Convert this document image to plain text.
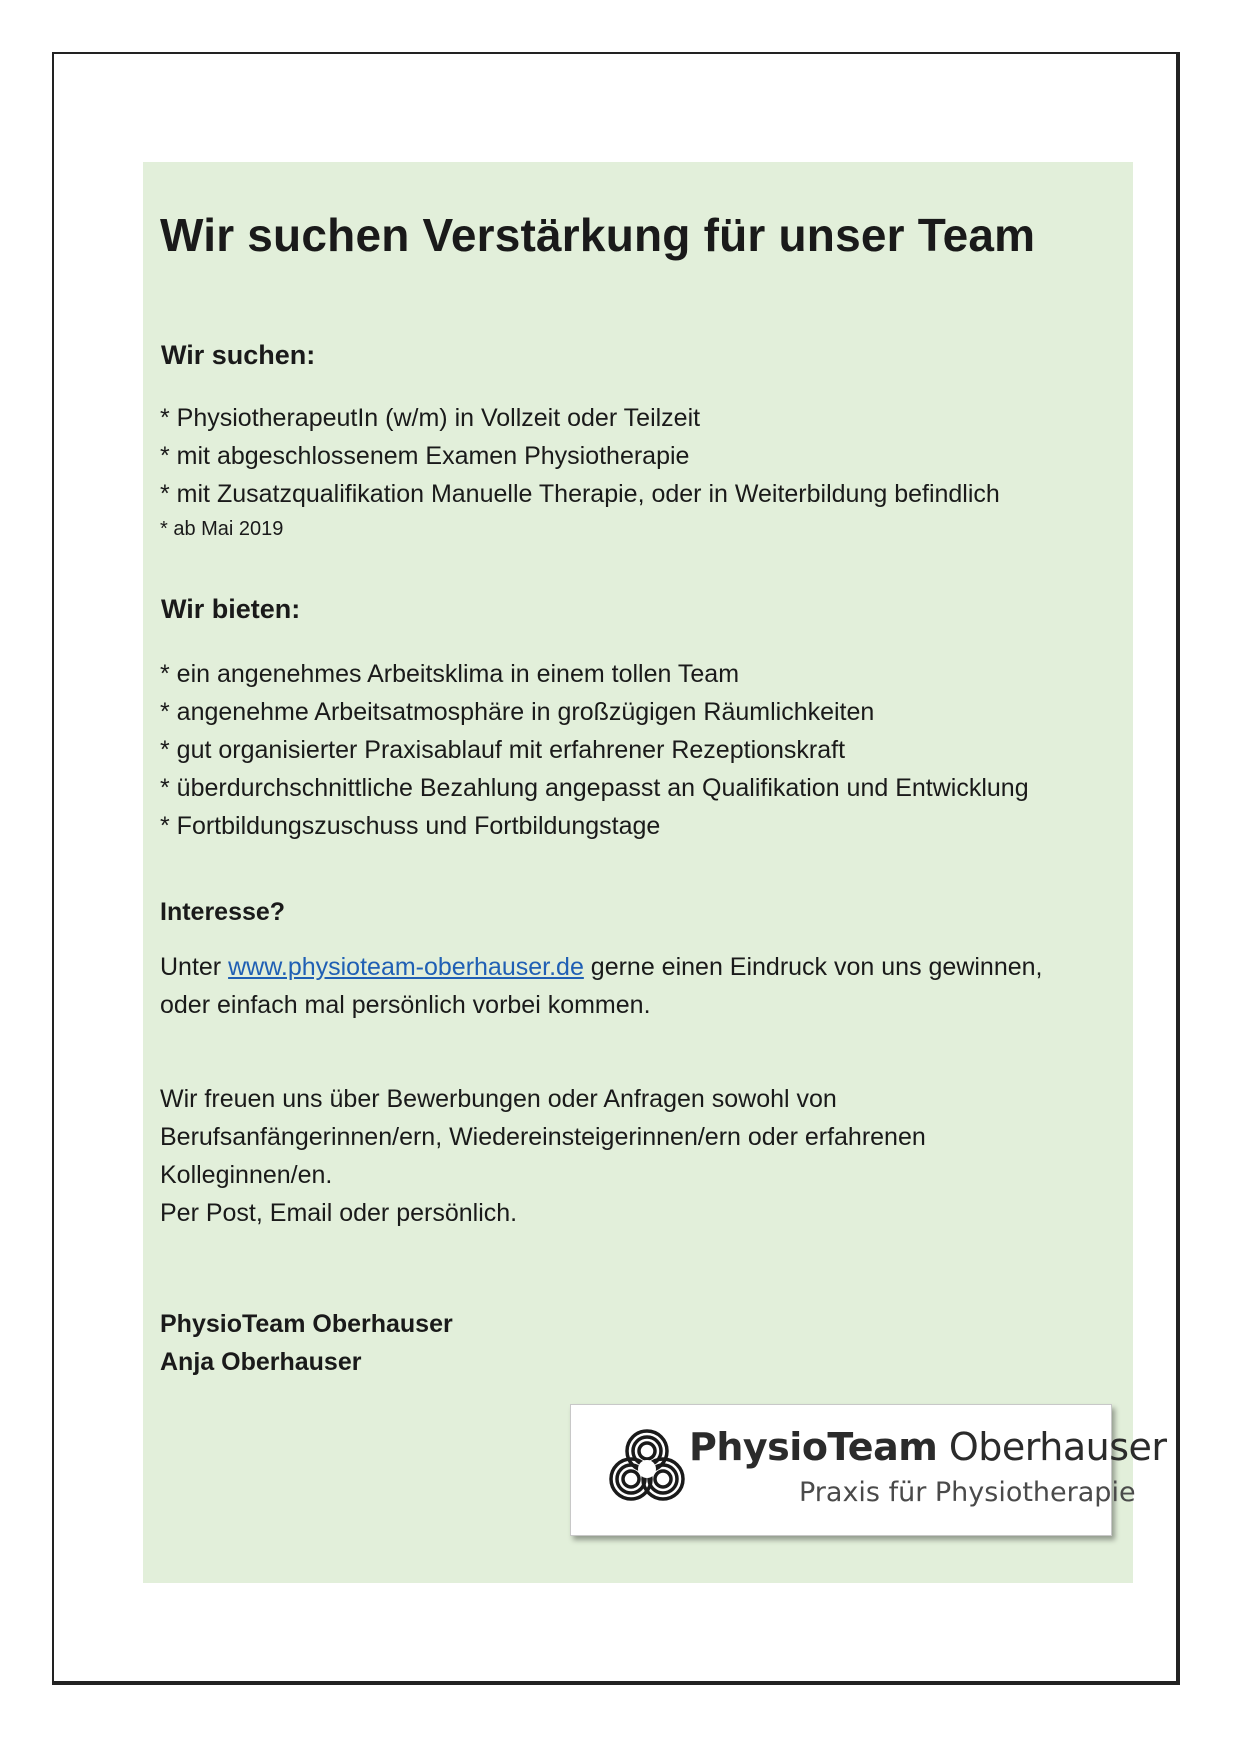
Wir suchen Verstärkung für unser Team
Wir suchen:
* PhysiotherapeutIn (w/m) in Vollzeit oder Teilzeit
* mit abgeschlossenem Examen Physiotherapie
* mit Zusatzqualifikation Manuelle Therapie, oder in Weiterbildung befindlich
* ab Mai 2019
Wir bieten:
* ein angenehmes Arbeitsklima in einem tollen Team
* angenehme Arbeitsatmosphäre in großzügigen Räumlichkeiten
* gut organisierter Praxisablauf mit erfahrener Rezeptionskraft
* überdurchschnittliche Bezahlung angepasst an Qualifikation und Entwicklung
* Fortbildungszuschuss und Fortbildungstage
Interesse?

Unter www.physioteam-oberhauser.de gerne einen Eindruck von uns gewinnen,
oder einfach mal persönlich vorbei kommen.

Wir freuen uns über Bewerbungen oder Anfragen sowohl von
Berufsanfängerinnen/ern, Wiedereinsteigerinnen/ern oder erfahrenen
Kolleginnen/en.
Per Post, Email oder persönlich.

PhysioTeam Oberhauser
Anja Oberhauser
PhysioTeam Oberhauser
Praxis für Physiotherapie
